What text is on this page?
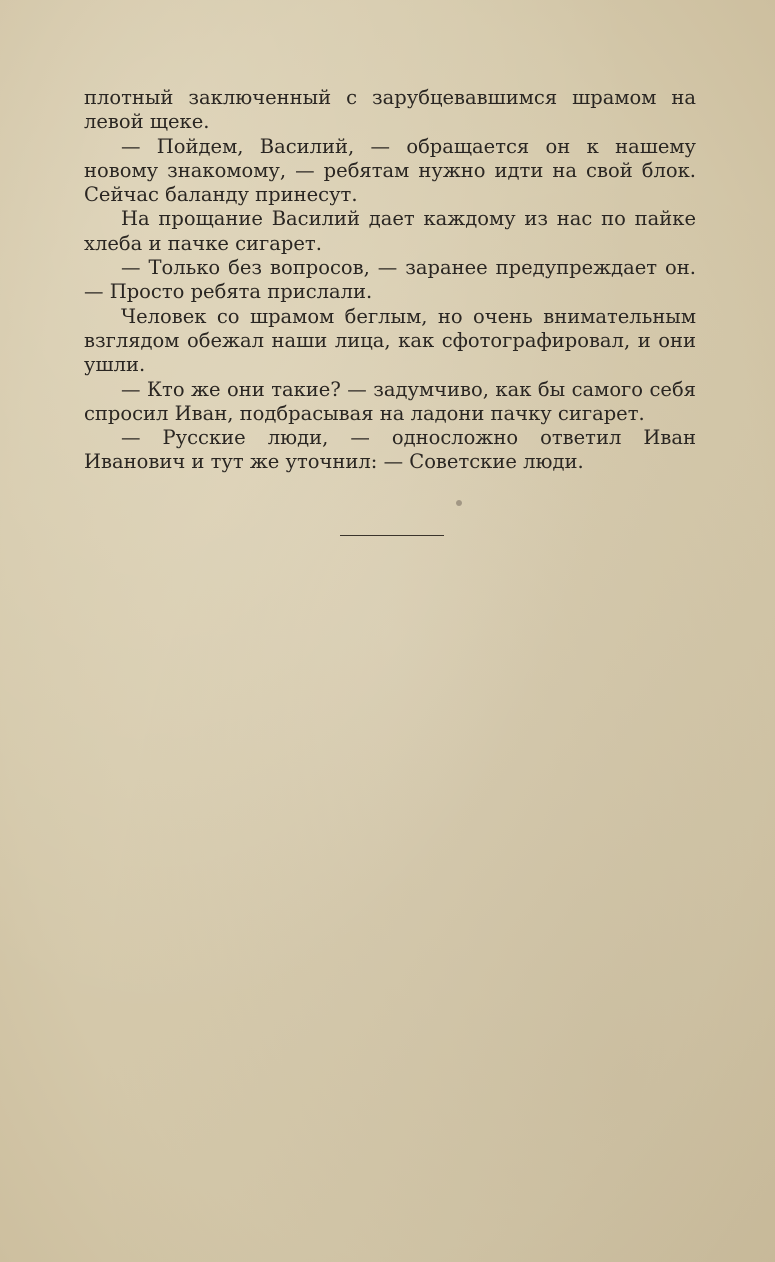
плотный заключенный с зарубцевавшимся шрамом на левой щеке.

— Пойдем, Василий, — обращается он к нашему новому знакомому, — ребятам нужно идти на свой блок. Сейчас баланду принесут.

На прощание Василий дает каждому из нас по пайке хлеба и пачке сигарет.

— Только без вопросов, — заранее предупреждает он. — Просто ребята прислали.

Человек со шрамом беглым, но очень внимательным взглядом обежал наши лица, как сфотографировал, и они ушли.

— Кто же они такие? — задумчиво, как бы самого себя спросил Иван, подбрасывая на ладони пачку сигарет.

— Русские люди, — односложно ответил Иван Иванович и тут же уточнил: — Советские люди.
